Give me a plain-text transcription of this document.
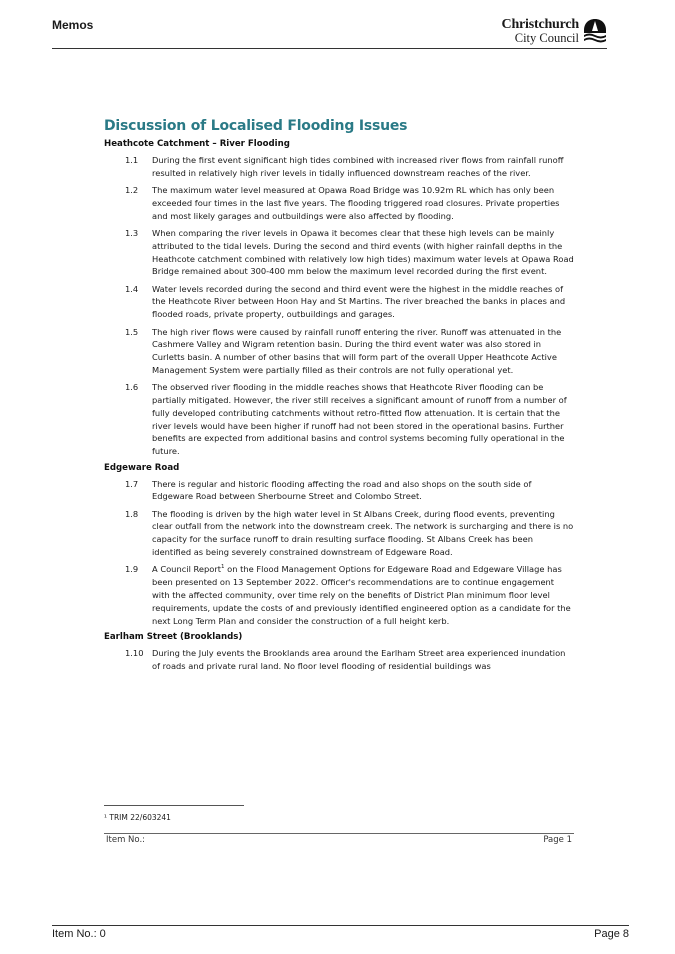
Memos	Christchurch
City Council
Discussion of Localised Flooding Issues
Heathcote Catchment – River Flooding
1.1	During the first event significant high tides combined with increased river flows from rainfall runoff resulted in relatively high river levels in tidally influenced downstream reaches of the river.
1.2	The maximum water level measured at Opawa Road Bridge was 10.92m RL which has only been exceeded four times in the last five years. The flooding triggered road closures. Private properties and most likely garages and outbuildings were also affected by flooding.
1.3	When comparing the river levels in Opawa it becomes clear that these high levels can be mainly attributed to the tidal levels. During the second and third events (with higher rainfall depths in the Heathcote catchment combined with relatively low high tides) maximum water levels at Opawa Road Bridge remained about 300-400 mm below the maximum level recorded during the first event.
1.4	Water levels recorded during the second and third event were the highest in the middle reaches of the Heathcote River between Hoon Hay and St Martins. The river breached the banks in places and flooded roads, private property, outbuildings and garages.
1.5	The high river flows were caused by rainfall runoff entering the river. Runoff was attenuated in the Cashmere Valley and Wigram retention basin. During the third event water was also stored in Curletts basin. A number of other basins that will form part of the overall Upper Heathcote Active Management System were partially filled as their controls are not fully operational yet.
1.6	The observed river flooding in the middle reaches shows that Heathcote River flooding can be partially mitigated. However, the river still receives a significant amount of runoff from a number of fully developed contributing catchments without retro-fitted flow attenuation. It is certain that the river levels would have been higher if runoff had not been stored in the operational basins. Further benefits are expected from additional basins and control systems becoming fully operational in the future.
Edgeware Road
1.7	There is regular and historic flooding affecting the road and also shops on the south side of Edgeware Road between Sherbourne Street and Colombo Street.
1.8	The flooding is driven by the high water level in St Albans Creek, during flood events, preventing clear outfall from the network into the downstream creek. The network is surcharging and there is no capacity for the surface runoff to drain resulting surface flooding. St Albans Creek has been identified as being severely constrained downstream of Edgeware Road.
1.9	A Council Report$^1$ on the Flood Management Options for Edgeware Road and Edgeware Village has been presented on 13 September 2022. Officer's recommendations are to continue engagement with the affected community, over time rely on the benefits of District Plan minimum floor level requirements, update the costs of and previously identified engineered option as a candidate for the next Long Term Plan and consider the construction of a full height kerb.
Earlham Street (Brooklands)
1.10	During the July events the Brooklands area around the Earlham Street area experienced inundation of roads and private rural land. No floor level flooding of residential buildings was
¹ TRIM 22/603241
Item No.:	Page 1
Item No.: 0	Page 8
